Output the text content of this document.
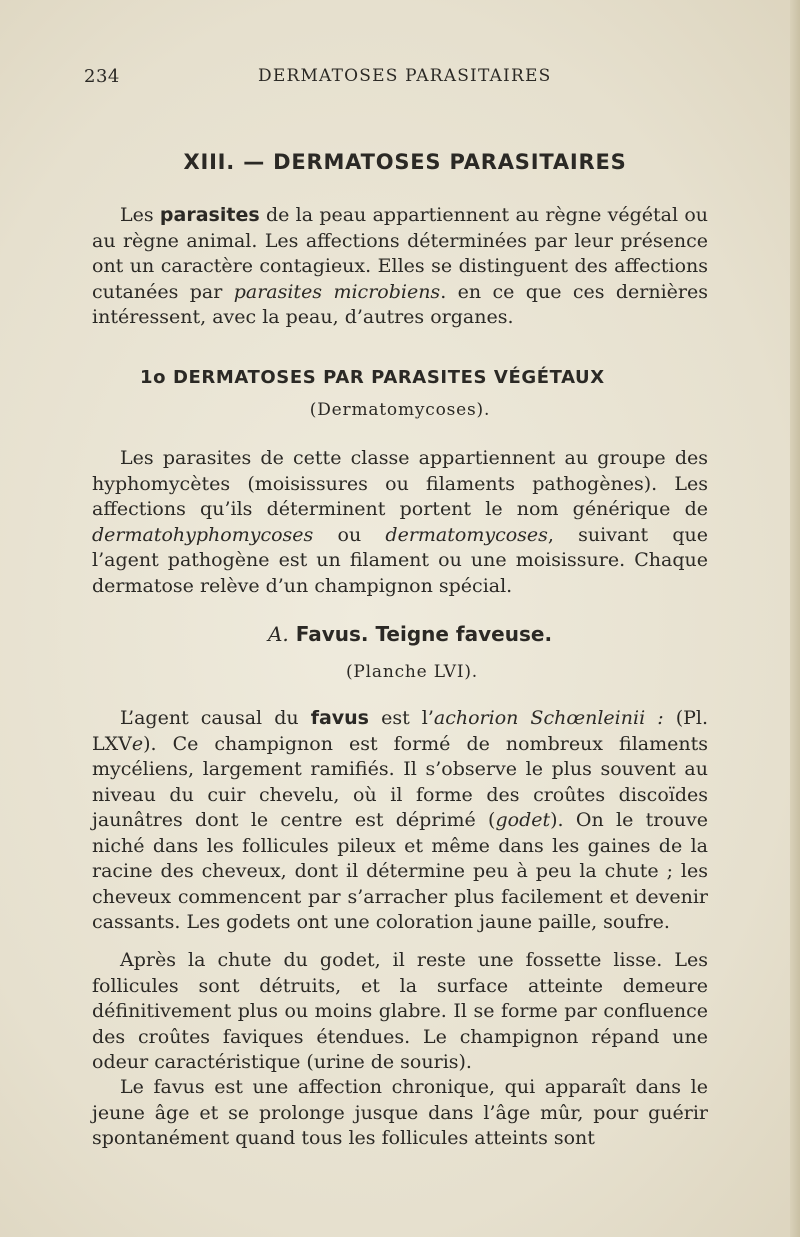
234	DERMATOSES PARASITAIRES
XIII. — DERMATOSES PARASITAIRES

Les parasites de la peau appartiennent au règne végétal ou au règne animal. Les affections déterminées par leur présence ont un caractère contagieux. Elles se distinguent des affections cutanées par parasites microbiens. en ce que ces dernières intéressent, avec la peau, d’autres organes.

1o DERMATOSES PAR PARASITES VÉGÉTAUX
(Dermatomycoses).

Les parasites de cette classe appartiennent au groupe des hyphomycètes (moisissures ou filaments pathogènes). Les affections qu’ils déterminent portent le nom générique de dermatohyphomycoses ou dermatomycoses, suivant que l’agent pathogène est un filament ou une moisissure. Chaque dermatose relève d’un champignon spécial.

A. Favus. Teigne faveuse.
(Planche LVI).

L’agent causal du favus est l’achorion Schœnleinii : (Pl. LXVe). Ce champignon est formé de nombreux filaments mycéliens, largement ramifiés. Il s’observe le plus souvent au niveau du cuir chevelu, où il forme des croûtes discoïdes jaunâtres dont le centre est déprimé (godet). On le trouve niché dans les follicules pileux et même dans les gaines de la racine des cheveux, dont il détermine peu à peu la chute ; les cheveux commencent par s’arracher plus facilement et devenir cassants. Les godets ont une coloration jaune paille, soufre.

Après la chute du godet, il reste une fossette lisse. Les follicules sont détruits, et la surface atteinte demeure définitivement plus ou moins glabre. Il se forme par confluence des croûtes faviques étendues. Le champignon répand une odeur caractéristique (urine de souris).

Le favus est une affection chronique, qui apparaît dans le jeune âge et se prolonge jusque dans l’âge mûr, pour guérir spontanément quand tous les follicules atteints sont
